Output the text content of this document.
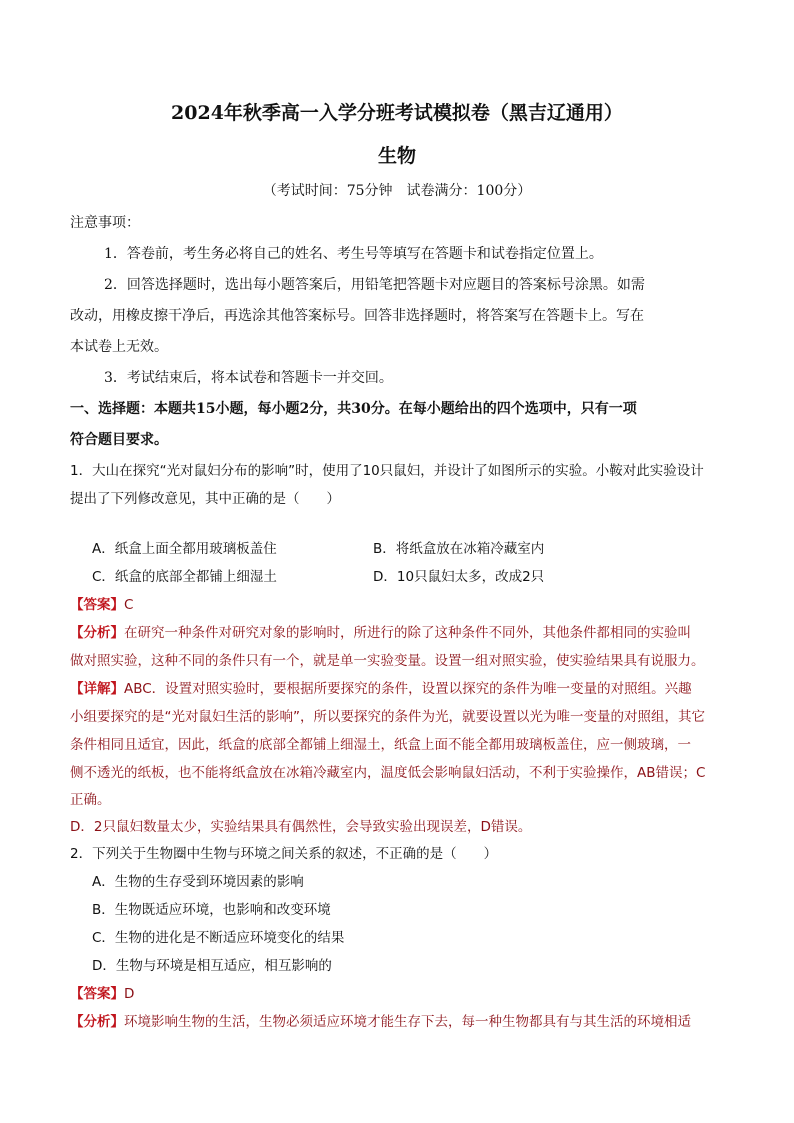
2024年秋季高一入学分班考试模拟卷（黑吉辽通用）
生物
（考试时间：75分钟　试卷满分：100分）
注意事项：
1．答卷前，考生务必将自己的姓名、考生号等填写在答题卡和试卷指定位置上。
2．回答选择题时，选出每小题答案后，用铅笔把答题卡对应题目的答案标号涂黑。如需
改动，用橡皮擦干净后，再选涂其他答案标号。回答非选择题时，将答案写在答题卡上。写在
本试卷上无效。
3．考试结束后，将本试卷和答题卡一并交回。
一、选择题：本题共15小题，每小题2分，共30分。在每小题给出的四个选项中，只有一项
符合题目要求。
1．大山在探究“光对鼠妇分布的影响”时，使用了10只鼠妇，并设计了如图所示的实验。小鞍对此实验设计
提出了下列修改意见，其中正确的是（　　）
A．纸盒上面全都用玻璃板盖住	B．将纸盒放在冰箱冷藏室内
C．纸盒的底部全都铺上细湿土	D．10只鼠妇太多，改成2只
【答案】C
【分析】在研究一种条件对研究对象的影响时，所进行的除了这种条件不同外，其他条件都相同的实验叫
做对照实验，这种不同的条件只有一个，就是单一实验变量。设置一组对照实验，使实验结果具有说服力。
【详解】ABC．设置对照实验时，要根据所要探究的条件，设置以探究的条件为唯一变量的对照组。兴趣
小组要探究的是“光对鼠妇生活的影响”，所以要探究的条件为光，就要设置以光为唯一变量的对照组，其它
条件相同且适宜，因此，纸盒的底部全都铺上细湿土，纸盒上面不能全都用玻璃板盖住，应一侧玻璃，一
侧不透光的纸板，也不能将纸盒放在冰箱冷藏室内，温度低会影响鼠妇活动，不利于实验操作，AB错误；C
正确。
D．2只鼠妇数量太少，实验结果具有偶然性，会导致实验出现误差，D错误。
2．下列关于生物圈中生物与环境之间关系的叙述，不正确的是（　　）
A．生物的生存受到环境因素的影响
B．生物既适应环境，也影响和改变环境
C．生物的进化是不断适应环境变化的结果
D．生物与环境是相互适应，相互影响的
【答案】D
【分析】环境影响生物的生活，生物必须适应环境才能生存下去，每一种生物都具有与其生活的环境相适
